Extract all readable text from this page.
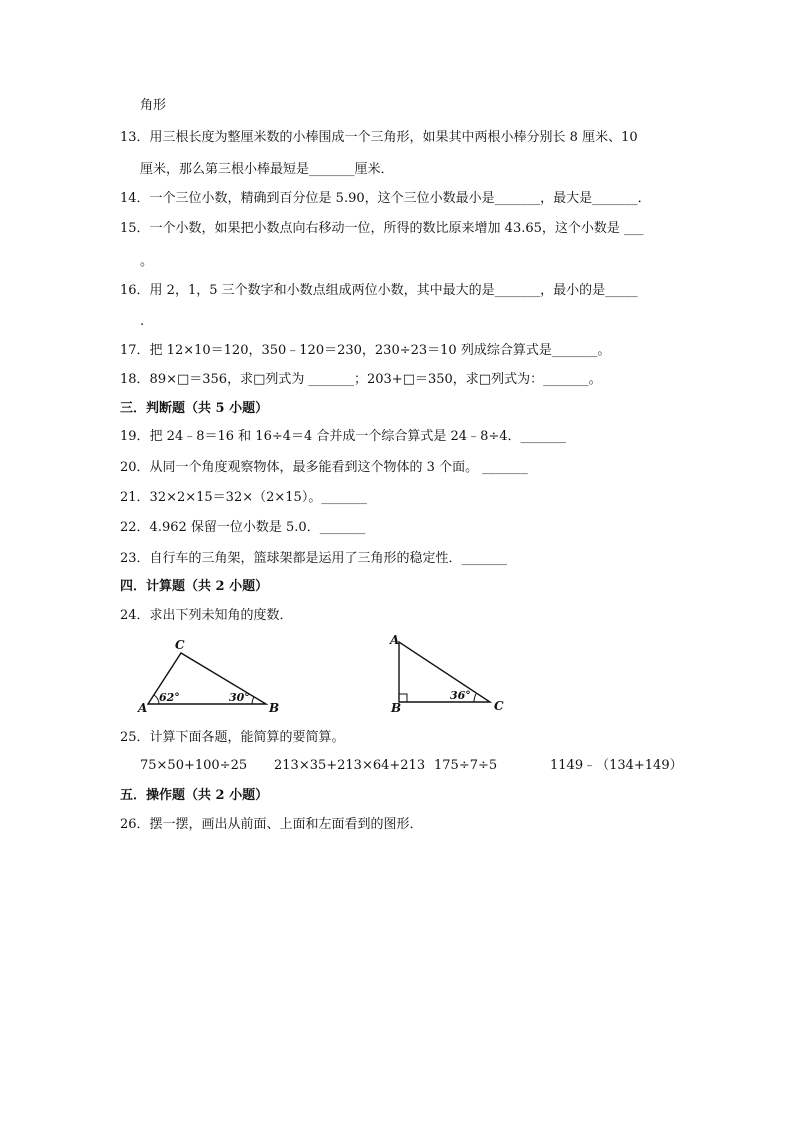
角形
13．用三根长度为整厘米数的小棒围成一个三角形，如果其中两根小棒分别长 8 厘米、10
厘米，那么第三根小棒最短是_______厘米．
14．一个三位小数，精确到百分位是 5.90，这个三位小数最小是_______，最大是_______．
15．一个小数，如果把小数点向右移动一位，所得的数比原来增加 43.65，这个小数是 ___
。
16．用 2，1，5 三个数字和小数点组成两位小数，其中最大的是_______，最小的是_____
.
17．把 12×10＝120，350﹣120＝230，230÷23＝10 列成综合算式是_______。
18．89×□＝356，求□列式为 _______；203+□＝350，求□列式为：_______。
三．判断题（共 5 小题）
19．把 24﹣8＝16 和 16÷4＝4 合并成一个综合算式是 24﹣8÷4．_______
20．从同一个角度观察物体，最多能看到这个物体的 3 个面。 _______
21．32×2×15＝32×（2×15）。_______
22．4.962 保留一位小数是 5.0．_______
23．自行车的三角架，篮球架都是运用了三角形的稳定性．_______
四．计算题（共 2 小题）
24．求出下列未知角的度数．
C
A	B
62°	30°
A
B	C
36°
25．计算下面各题，能简算的要简算。
75×50+100÷25 213×35+213×64+213 175÷7÷5	1149﹣（134+149）
五．操作题（共 2 小题）
26．摆一摆，画出从前面、上面和左面看到的图形．
